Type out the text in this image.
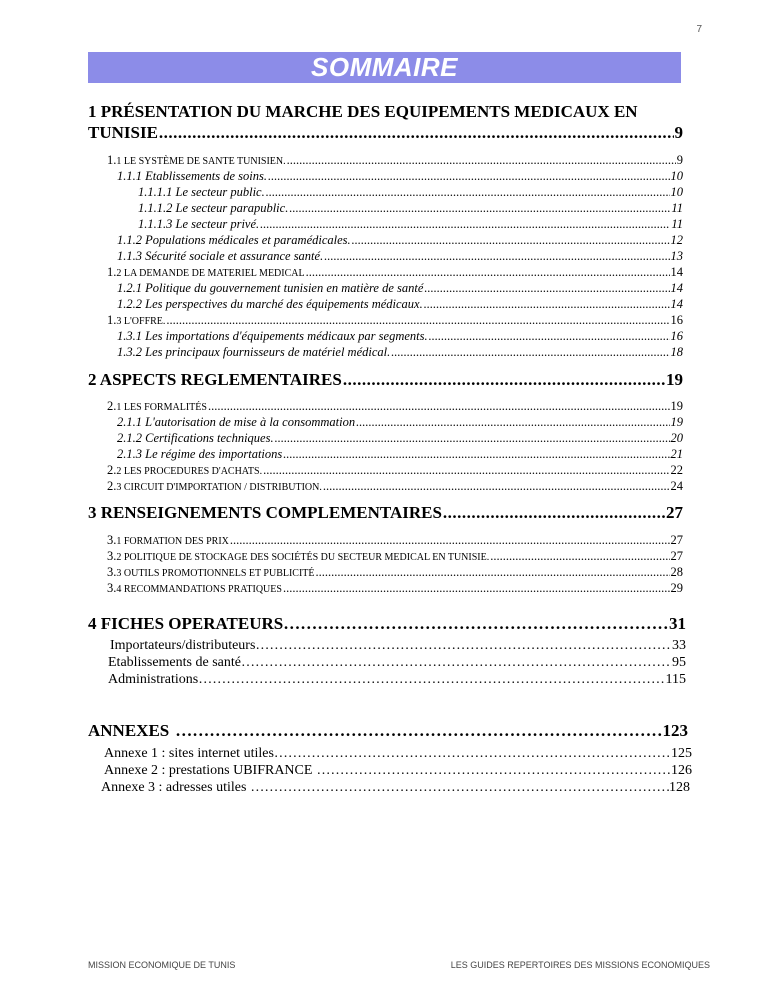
7
SOMMAIRE
1 PRÉSENTATION DU MARCHE DES EQUIPEMENTS MEDICAUX EN
TUNISIE .....	9
1.1 LE SYSTÈME DE SANTE TUNISIEN. .....	9
1.1.1 Etablissements de soins. .....	10
1.1.1.1 Le secteur public. .....	10
1.1.1.2 Le secteur parapublic. .....	11
1.1.1.3 Le secteur privé. .....	11
1.1.2 Populations médicales et paramédicales. .....	12
1.1.3 Sécurité sociale et assurance santé. .....	13
1.2 LA DEMANDE DE MATERIEL MEDICAL .....	14
1.2.1 Politique du gouvernement tunisien en matière de santé .....	14
1.2.2 Les perspectives du marché des équipements médicaux. .....	14
1.3 L'OFFRE. .....	16
1.3.1 Les importations d'équipements médicaux par segments. .....	16
1.3.2 Les principaux fournisseurs de matériel médical. .....	18
2 ASPECTS REGLEMENTAIRES .....	19
2.1 LES FORMALITÉS .....	19
2.1.1 L'autorisation de mise à la consommation .....	19
2.1.2 Certifications techniques. .....	20
2.1.3 Le régime des importations .....	21
2.2 LES PROCEDURES D'ACHATS. .....	22
2.3 CIRCUIT D'IMPORTATION / DISTRIBUTION. .....	24
3 RENSEIGNEMENTS COMPLEMENTAIRES .....	27
3.1 FORMATION DES PRIX .....	27
3.2 POLITIQUE DE STOCKAGE DES SOCIÉTÉS DU SECTEUR MEDICAL EN TUNISIE. .....	27
3.3 OUTILS PROMOTIONNELS ET PUBLICITÉ .....	28
3.4 RECOMMANDATIONS PRATIQUES .....	29
4 FICHES OPERATEURS …………………………………………………………………………………………………………………………………………………………………………………………………………	31
Importateurs/distributeurs …………………………………………………………………………………………………………………………………………………………………………………………………………	33
Etablissements de santé …………………………………………………………………………………………………………………………………………………………………………………………………………	95
Administrations …………………………………………………………………………………………………………………………………………………………………………………………………………	115
ANNEXES …………………………………………………………………………………………………………………………………………………………………………………………………………	123
Annexe 1 : sites internet utiles …………………………………………………………………………………………………………………………………………………………………………………………………………	125
Annexe 2 : prestations UBIFRANCE …………………………………………………………………………………………………………………………………………………………………………………………………………	126
Annexe 3 : adresses utiles …………………………………………………………………………………………………………………………………………………………………………………………………………	128
MISSION ECONOMIQUE DE TUNIS	LES GUIDES REPERTOIRES DES MISSIONS ECONOMIQUES
